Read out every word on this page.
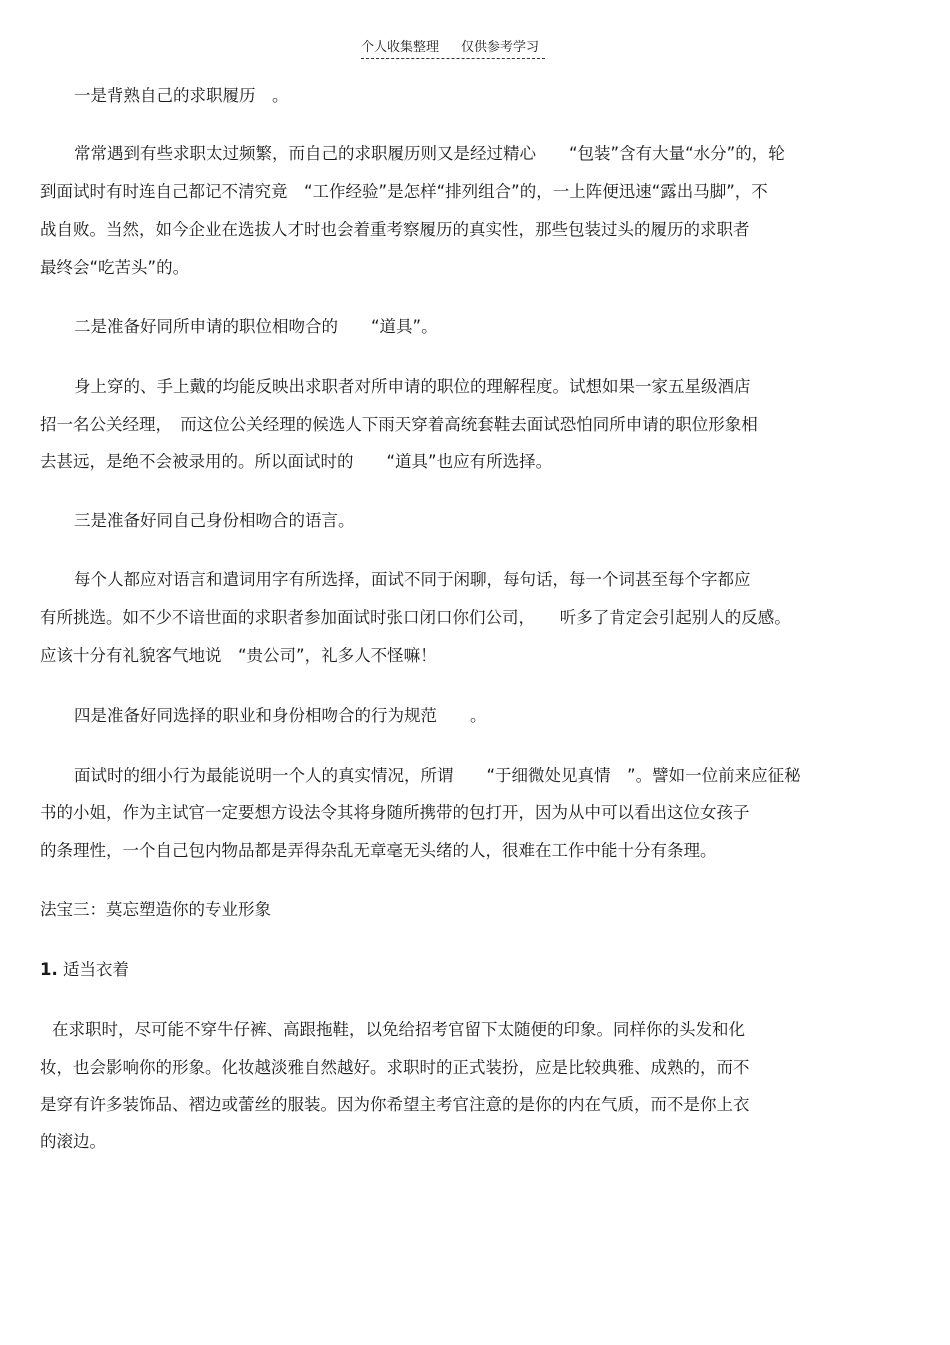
个人收集整理 仅供参考学习
一是背熟自己的求职履历　。
常常遇到有些求职太过频繁，而自己的求职履历则又是经过精心　　“包装”含有大量“水分”的，轮
到面试时有时连自己都记不清究竟　“工作经验”是怎样“排列组合”的，一上阵便迅速“露出马脚”，不
战自败。当然，如今企业在选拔人才时也会着重考察履历的真实性，那些包装过头的履历的求职者
最终会“吃苦头”的。
二是准备好同所申请的职位相吻合的　　“道具”。
身上穿的、手上戴的均能反映出求职者对所申请的职位的理解程度。试想如果一家五星级酒店
招一名公关经理，　而这位公关经理的候选人下雨天穿着高统套鞋去面试恐怕同所申请的职位形象相
去甚远，是绝不会被录用的。所以面试时的　　“道具”也应有所选择。
三是准备好同自己身份相吻合的语言。
每个人都应对语言和遣词用字有所选择，面试不同于闲聊，每句话，每一个词甚至每个字都应
有所挑选。如不少不谙世面的求职者参加面试时张口闭口你们公司，　　听多了肯定会引起别人的反感。
应该十分有礼貌客气地说　“贵公司”，礼多人不怪嘛！
四是准备好同选择的职业和身份相吻合的行为规范　　。
面试时的细小行为最能说明一个人的真实情况，所谓　　“于细微处见真情　”。譬如一位前来应征秘
书的小姐，作为主试官一定要想方设法令其将身随所携带的包打开，因为从中可以看出这位女孩子
的条理性，一个自己包内物品都是弄得杂乱无章毫无头绪的人，很难在工作中能十分有条理。
法宝三：莫忘塑造你的专业形象
1. 适当衣着
在求职时，尽可能不穿牛仔裤、高跟拖鞋，以免给招考官留下太随便的印象。同样你的头发和化
妆，也会影响你的形象。化妆越淡雅自然越好。求职时的正式装扮，应是比较典雅、成熟的，而不
是穿有许多装饰品、褶边或蕾丝的服装。因为你希望主考官注意的是你的内在气质，而不是你上衣
的滚边。
